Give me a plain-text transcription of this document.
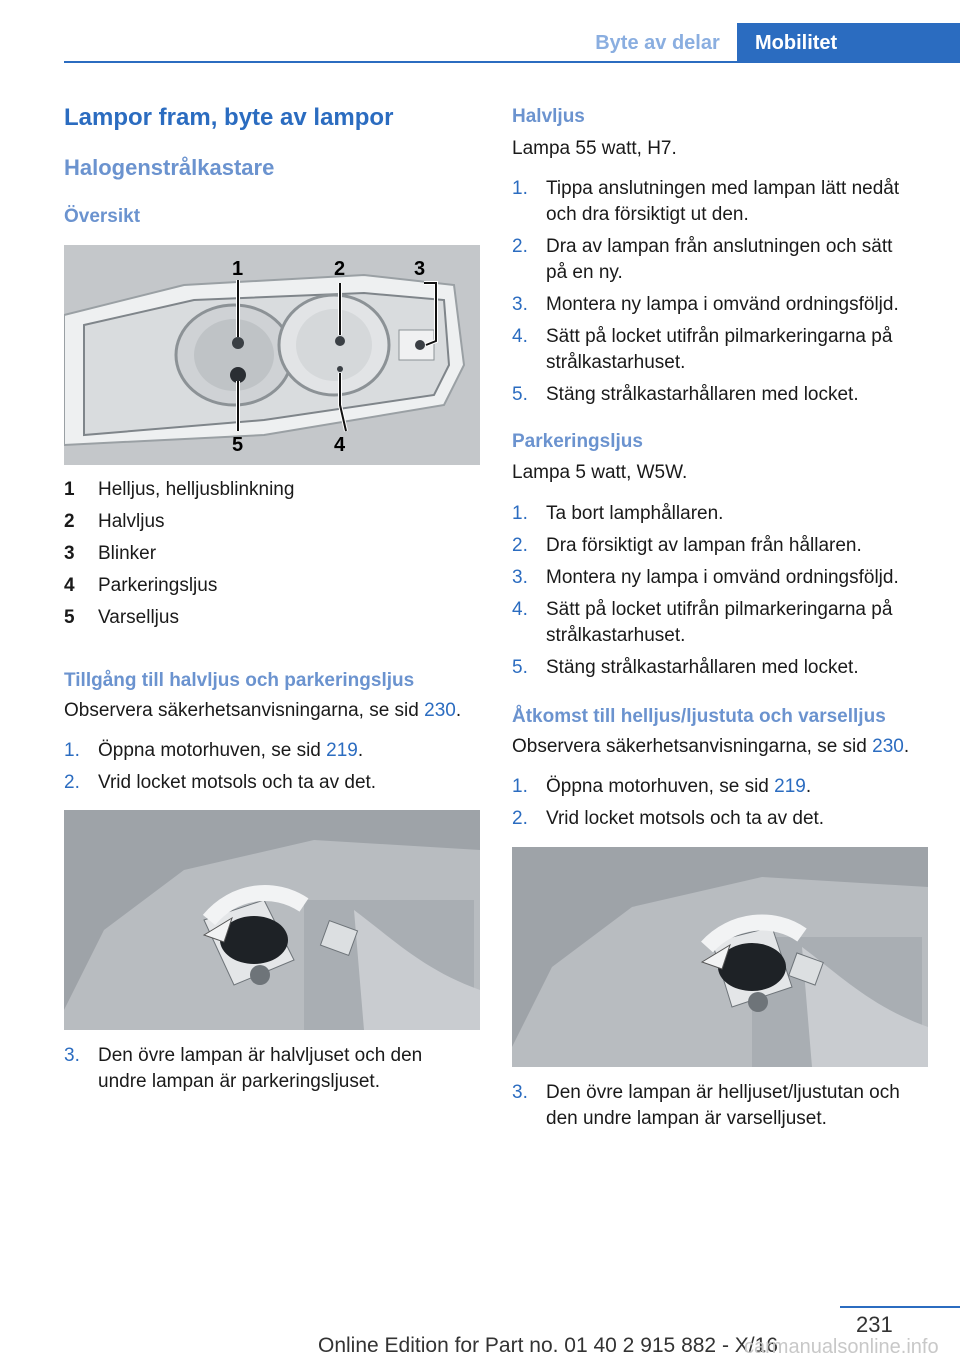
Byte av delar	Mobilitet
Lampor fram, byte av lampor
Halogenstrålkastare
Översikt
1	2	3
4
5
1 Helljus, helljusblinkning
2 Halvljus
3 Blinker
4 Parkeringsljus
5 Varselljus
Tillgång till halvljus och parkeringsljus
Observera säkerhetsanvisningarna, se sid 230.
1. Öppna motorhuven, se sid 219.
2. Vrid locket motsols och ta av det.
3. Den övre lampan är halvljuset och den
undre lampan är parkeringsljuset.
Halvljus
Lampa 55 watt, H7.
1. Tippa anslutningen med lampan lätt nedåt
och dra försiktigt ut den.
2. Dra av lampan från anslutningen och sätt
på en ny.
3. Montera ny lampa i omvänd ordningsföljd.
4. Sätt på locket utifrån pilmarkeringarna på
strålkastarhuset.
5. Stäng strålkastarhållaren med locket.
Parkeringsljus
Lampa 5 watt, W5W.
1. Ta bort lamphållaren.
2. Dra försiktigt av lampan från hållaren.
3. Montera ny lampa i omvänd ordningsföljd.
4. Sätt på locket utifrån pilmarkeringarna på
strålkastarhuset.
5. Stäng strålkastarhållaren med locket.
Åtkomst till helljus/ljustuta och varselljus
Observera säkerhetsanvisningarna, se sid 230.
1. Öppna motorhuven, se sid 219.
2. Vrid locket motsols och ta av det.
3. Den övre lampan är helljuset/ljustutan och
den undre lampan är varselljuset.
231
Online Edition for Part no. 01 40 2 915 882 - X/16
carmanualsonline.info
